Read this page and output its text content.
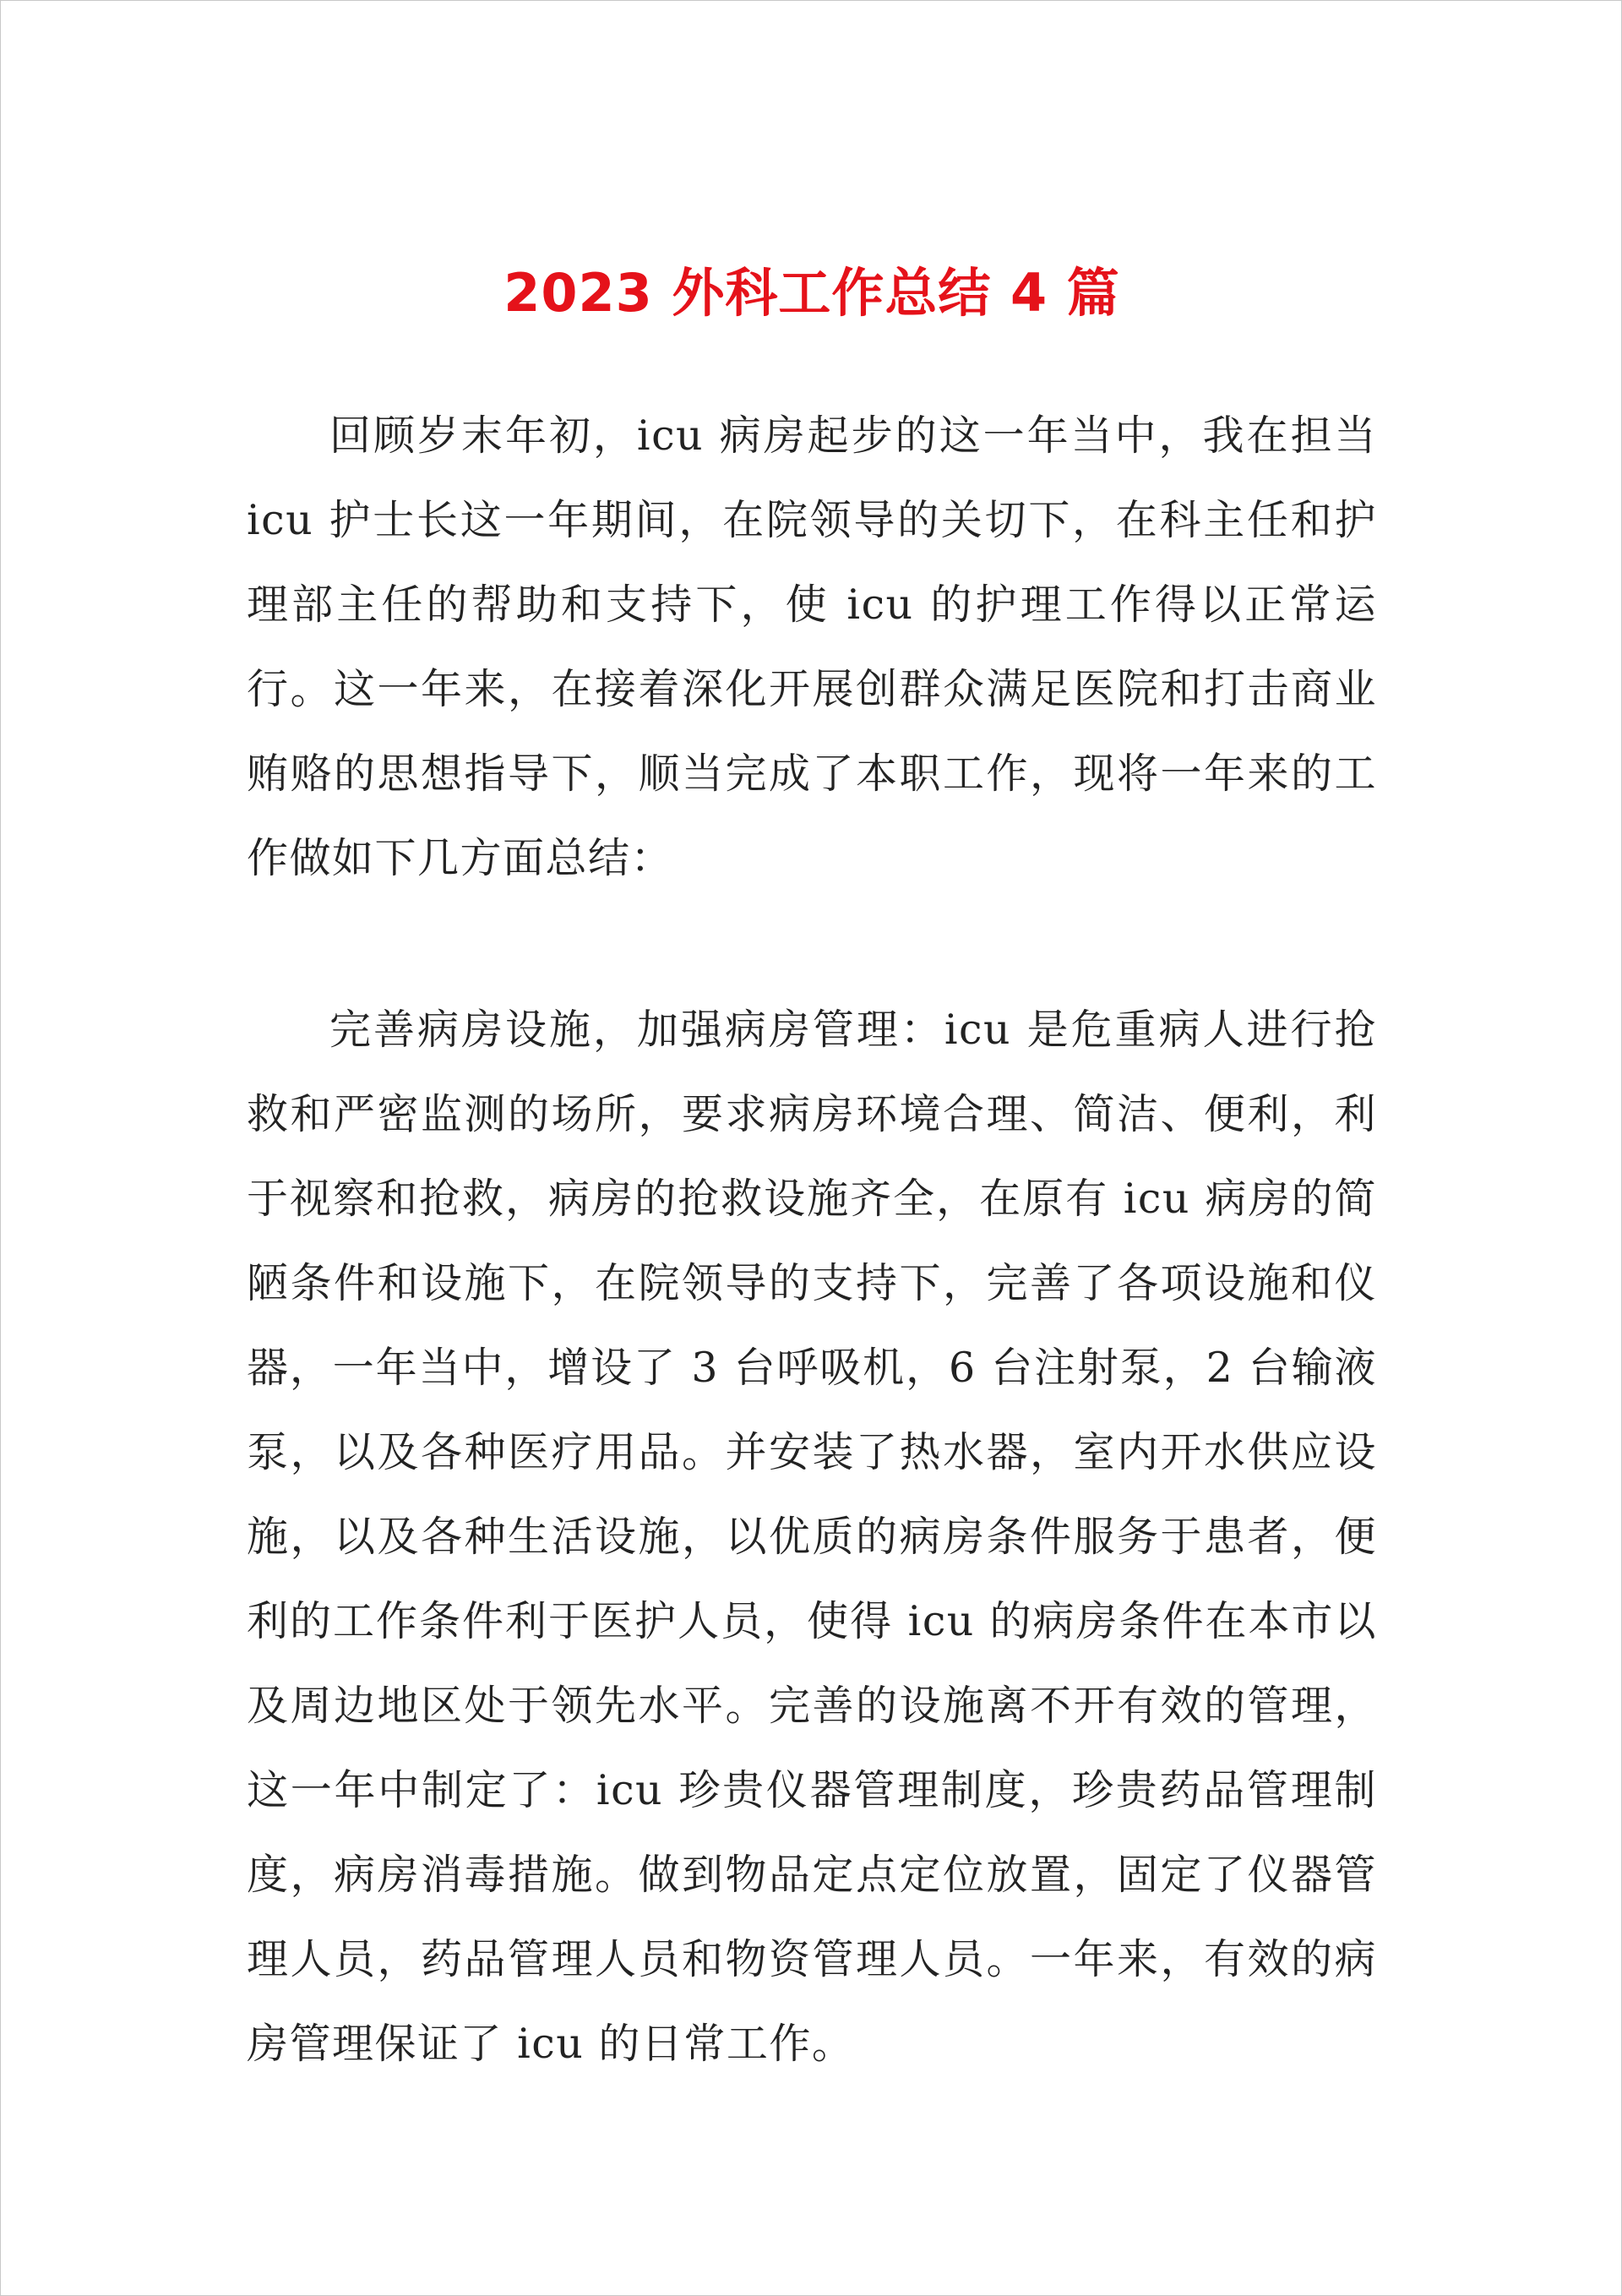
2023 外科工作总结 4 篇
回顾岁末年初，icu 病房起步的这一年当中，我在担当 icu 护士长这一年期间，在院领导的关切下，在科主任和护理部主任的帮助和支持下，使 icu 的护理工作得以正常运行。这一年来，在接着深化开展创群众满足医院和打击商业贿赂的思想指导下，顺当完成了本职工作，现将一年来的工作做如下几方面总结：
完善病房设施，加强病房管理：icu 是危重病人进行抢救和严密监测的场所，要求病房环境合理、简洁、便利，利于视察和抢救，病房的抢救设施齐全，在原有 icu 病房的简陋条件和设施下，在院领导的支持下，完善了各项设施和仪器，一年当中，增设了 3 台呼吸机，6 台注射泵，2 台输液泵，以及各种医疗用品。并安装了热水器，室内开水供应设施，以及各种生活设施，以优质的病房条件服务于患者，便利的工作条件利于医护人员，使得 icu 的病房条件在本市以及周边地区处于领先水平。完善的设施离不开有效的管理，这一年中制定了：icu 珍贵仪器管理制度，珍贵药品管理制度，病房消毒措施。做到物品定点定位放置，固定了仪器管理人员，药品管理人员和物资管理人员。一年来，有效的病房管理保证了 icu 的日常工作。
